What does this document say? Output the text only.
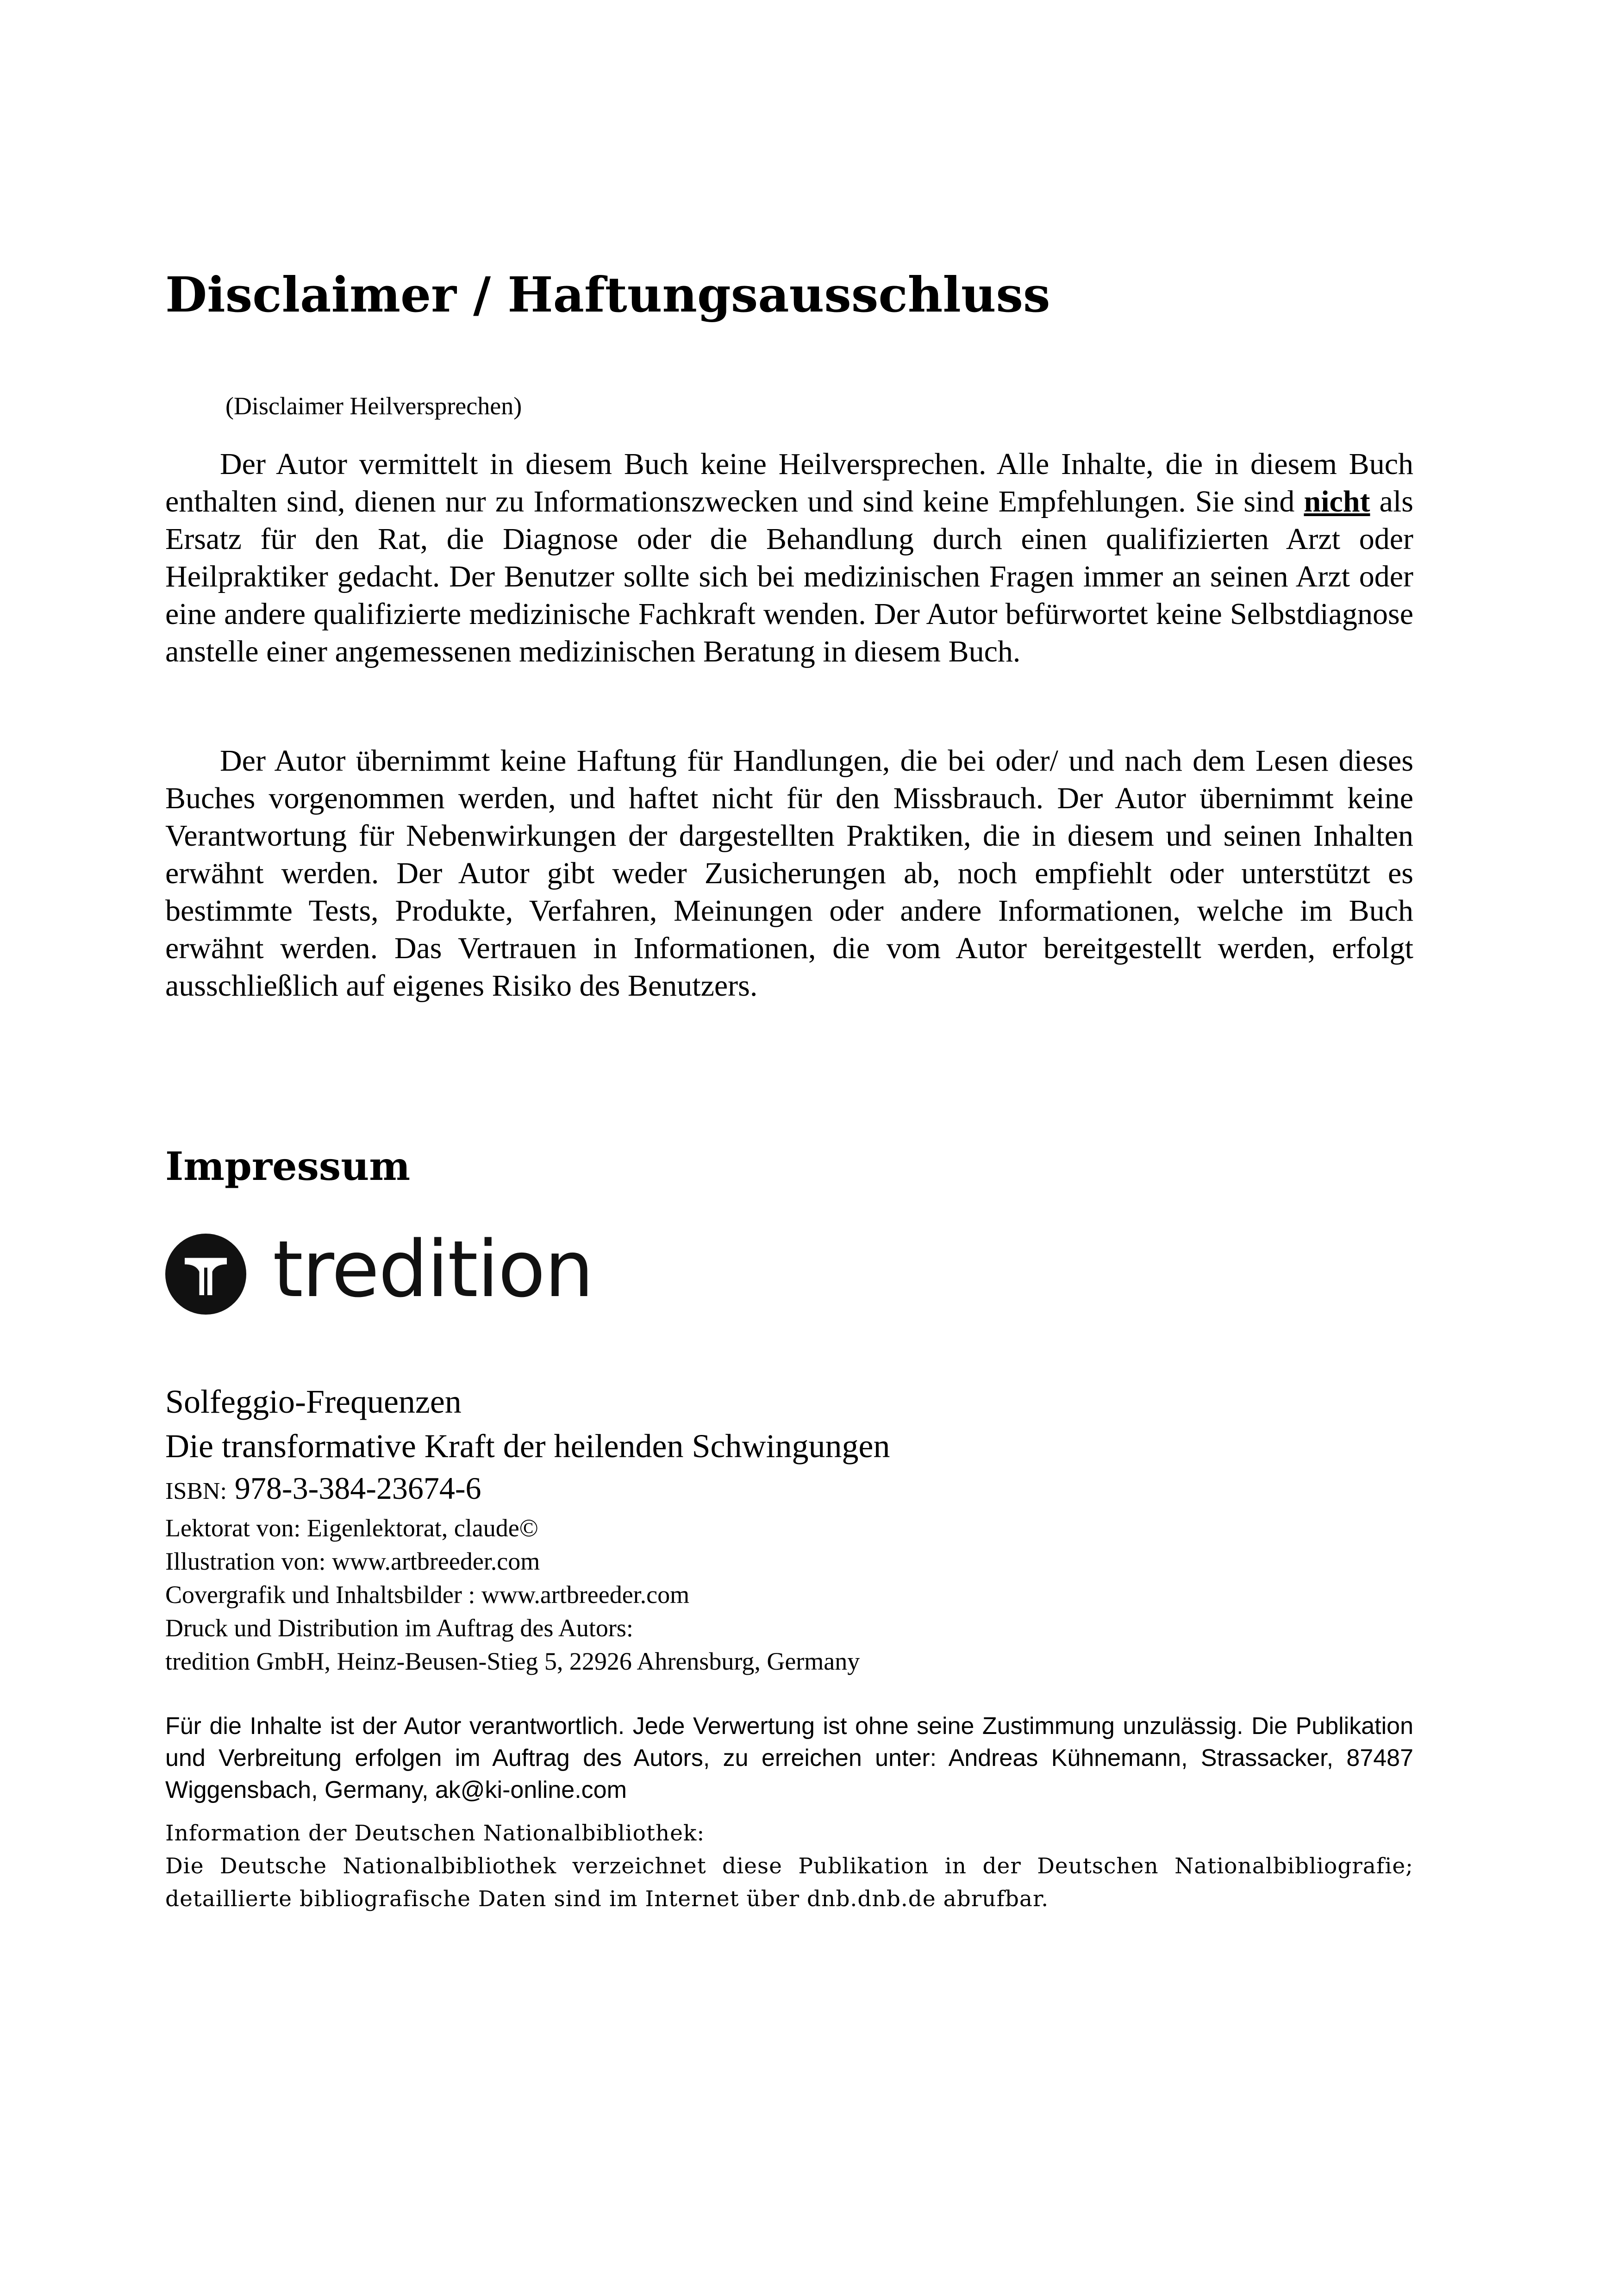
Disclaimer / Haftungsausschluss
(Disclaimer Heilversprechen)

Der Autor vermittelt in diesem Buch keine Heilversprechen. Alle Inhalte, die in diesem Buch enthalten sind, dienen nur zu Informationszwecken und sind keine Empfehlungen. Sie sind nicht als Ersatz für den Rat, die Diagnose oder die Behandlung durch einen qualifizierten Arzt oder Heilpraktiker gedacht. Der Benutzer sollte sich bei medizinischen Fragen immer an seinen Arzt oder eine andere qualifizierte medizinische Fachkraft wenden. Der Autor befürwortet keine Selbstdiagnose anstelle einer angemessenen medizinischen Beratung in diesem Buch.

Der Autor übernimmt keine Haftung für Handlungen, die bei oder/ und nach dem Lesen dieses Buches vorgenommen werden, und haftet nicht für den Missbrauch. Der Autor übernimmt keine Verantwortung für Nebenwirkungen der dargestellten Praktiken, die in diesem und seinen Inhalten erwähnt werden. Der Autor gibt weder Zusicherungen ab, noch empfiehlt oder unterstützt es bestimmte Tests, Produkte, Verfahren, Meinungen oder andere Informationen, welche im Buch erwähnt werden. Das Vertrauen in Informationen, die vom Autor bereitgestellt werden, erfolgt ausschließlich auf eigenes Risiko des Benutzers.

Impressum
tredition
Solfeggio-Frequenzen
Die transformative Kraft der heilenden Schwingungen
ISBN: 978-3-384-23674-6
Lektorat von: Eigenlektorat, claude©
Illustration von: www.artbreeder.com
Covergrafik und Inhaltsbilder : www.artbreeder.com
Druck und Distribution im Auftrag des Autors:
tredition GmbH, Heinz-Beusen-Stieg 5, 22926 Ahrensburg, Germany
Für die Inhalte ist der Autor verantwortlich. Jede Verwertung ist ohne seine Zustimmung unzulässig. Die Publikation und Verbreitung erfolgen im Auftrag des Autors, zu erreichen unter: Andreas Kühnemann, Strassacker, 87487 Wiggensbach, Germany, ak@ki-online.com
Information der Deutschen Nationalbibliothek:
Die Deutsche Nationalbibliothek verzeichnet diese Publikation in der Deutschen Nationalbibliografie; detaillierte bibliografische Daten sind im Internet über dnb.dnb.de abrufbar.
